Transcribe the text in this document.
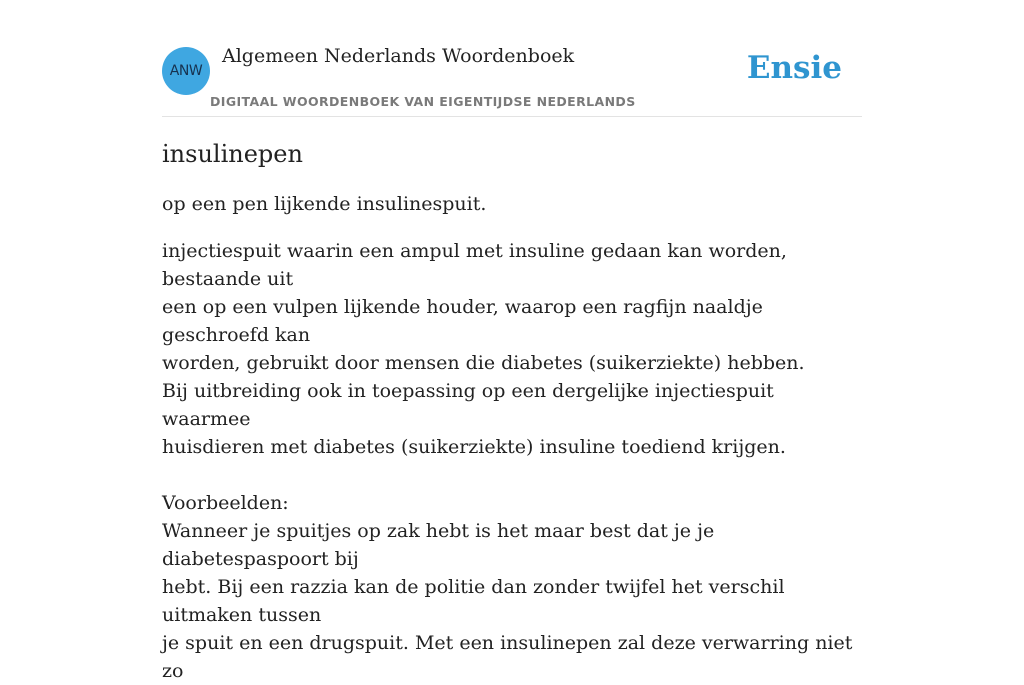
ANW
Algemeen Nederlands Woordenboek
DIGITAAL WOORDENBOEK VAN EIGENTIJDSE NEDERLANDS
Ensie
insulinepen

op een pen lijkende insulinespuit.

injectiespuit waarin een ampul met insuline gedaan kan worden, bestaande uit
een op een vulpen lijkende houder, waarop een ragfijn naaldje geschroefd kan
worden, gebruikt door mensen die diabetes (suikerziekte) hebben.
Bij uitbreiding ook in toepassing op een dergelijke injectiespuit waarmee
huisdieren met diabetes (suikerziekte) insuline toediend krijgen.
Voorbeelden:
Wanneer je spuitjes op zak hebt is het maar best dat je je diabetespaspoort bij
hebt. Bij een razzia kan de politie dan zonder twijfel het verschil uitmaken tussen
je spuit en een drugspuit. Met een insulinepen zal deze verwarring niet zo
